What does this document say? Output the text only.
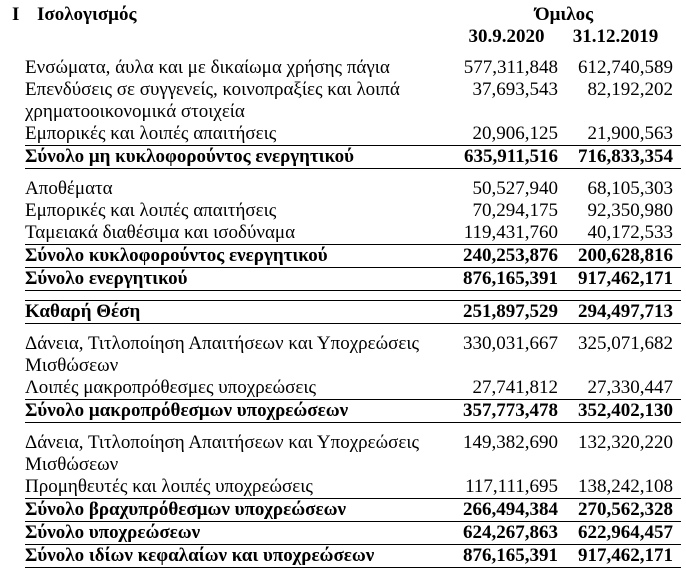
Ι Ισολογισμός	Όμιλος	
	30.9.2020	31.12.2019

Ενσώματα, άυλα και με δικαίωμα χρήσης πάγια	577,311,848	612,740,589
Επενδύσεις σε συγγενείς, κοινοπραξίες και λοιπά χρηματοοικονομικά στοιχεία	37,693,543	82,192,202
Εμπορικές και λοιπές απαιτήσεις	20,906,125	21,900,563
Σύνολο μη κυκλοφορούντος ενεργητικού	635,911,516	716,833,354

Αποθέματα	50,527,940	68,105,303
Εμπορικές και λοιπές απαιτήσεις	70,294,175	92,350,980
Ταμειακά διαθέσιμα και ισοδύναμα	119,431,760	40,172,533
Σύνολο κυκλοφορούντος ενεργητικού	240,253,876	200,628,816
Σύνολο ενεργητικού	876,165,391	917,462,171

Καθαρή Θέση	251,897,529	294,497,713

Δάνεια, Τιτλοποίηση Απαιτήσεων και Υποχρεώσεις Μισθώσεων	330,031,667	325,071,682
Λοιπές μακροπρόθεσμες υποχρεώσεις	27,741,812	27,330,447
Σύνολο μακροπρόθεσμων υποχρεώσεων	357,773,478	352,402,130

Δάνεια, Τιτλοποίηση Απαιτήσεων και Υποχρεώσεις Μισθώσεων	149,382,690	132,320,220
Προμηθευτές και λοιπές υποχρεώσεις	117,111,695	138,242,108
Σύνολο βραχυπρόθεσμων υποχρεώσεων	266,494,384	270,562,328
Σύνολο υποχρεώσεων	624,267,863	622,964,457
Σύνολο ιδίων κεφαλαίων και υποχρεώσεων	876,165,391	917,462,171
